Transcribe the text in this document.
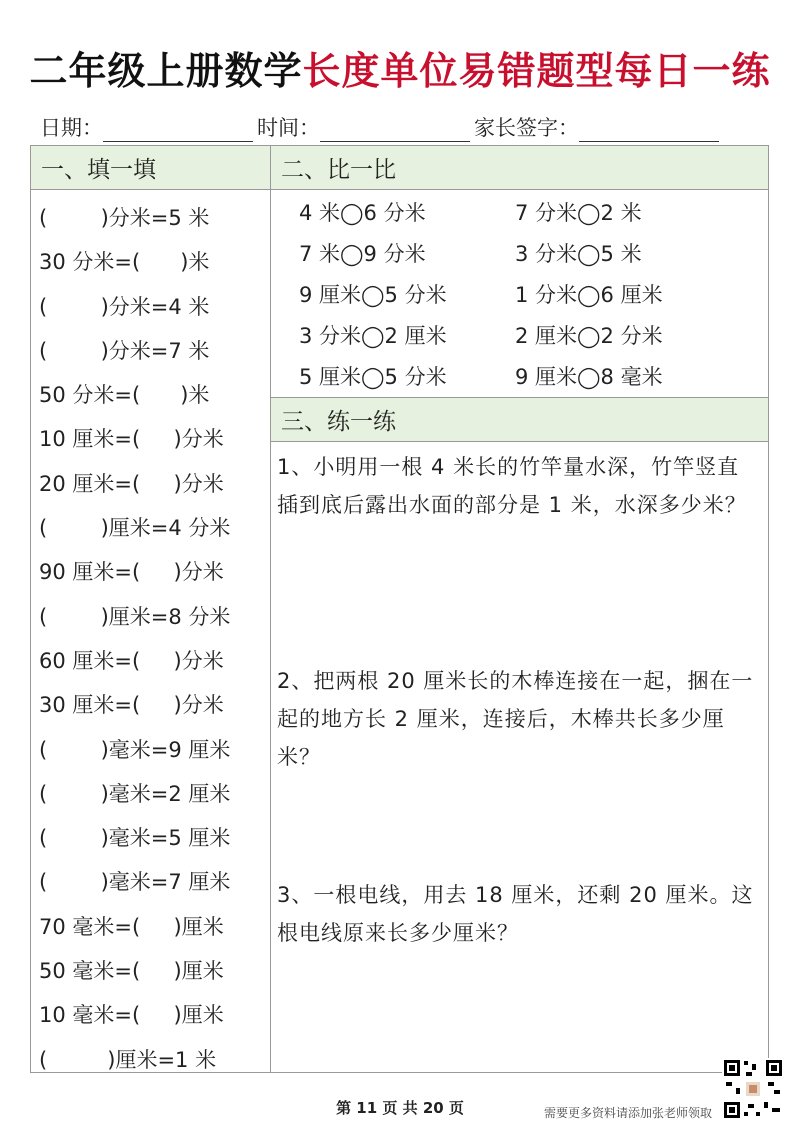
二年级上册数学长度单位易错题型每日一练
日期：	时间：	家长签字：
一、填一填	二、比一比
三、练一练
(        )分米=5 米
30 分米=(      )米
(        )分米=4 米
(        )分米=7 米
50 分米=(      )米
10 厘米=(     )分米
20 厘米=(     )分米
(        )厘米=4 分米
90 厘米=(     )分米
(        )厘米=8 分米
60 厘米=(     )分米
30 厘米=(     )分米
(        )毫米=9 厘米
(        )毫米=2 厘米
(        )毫米=5 厘米
(        )毫米=7 厘米
70 毫米=(     )厘米
50 毫米=(     )厘米
10 毫米=(     )厘米
(         )厘米=1 米
4 米◯6 分米	7 分米◯2 米
7 米◯9 分米	3 分米◯5 米
9 厘米◯5 分米	1 分米◯6 厘米
3 分米◯2 厘米	2 厘米◯2 分米
5 厘米◯5 分米	9 厘米◯8 毫米
1、小明用一根 4 米长的竹竿量水深，竹竿竖直插到底后露出水面的部分是 1 米，水深多少米？
2、把两根 20 厘米长的木棒连接在一起，捆在一起的地方长 2 厘米，连接后，木棒共长多少厘米？
3、一根电线，用去 18 厘米，还剩 20 厘米。这根电线原来长多少厘米？
第 11 页 共 20 页	需要更多资料请添加张老师领取
